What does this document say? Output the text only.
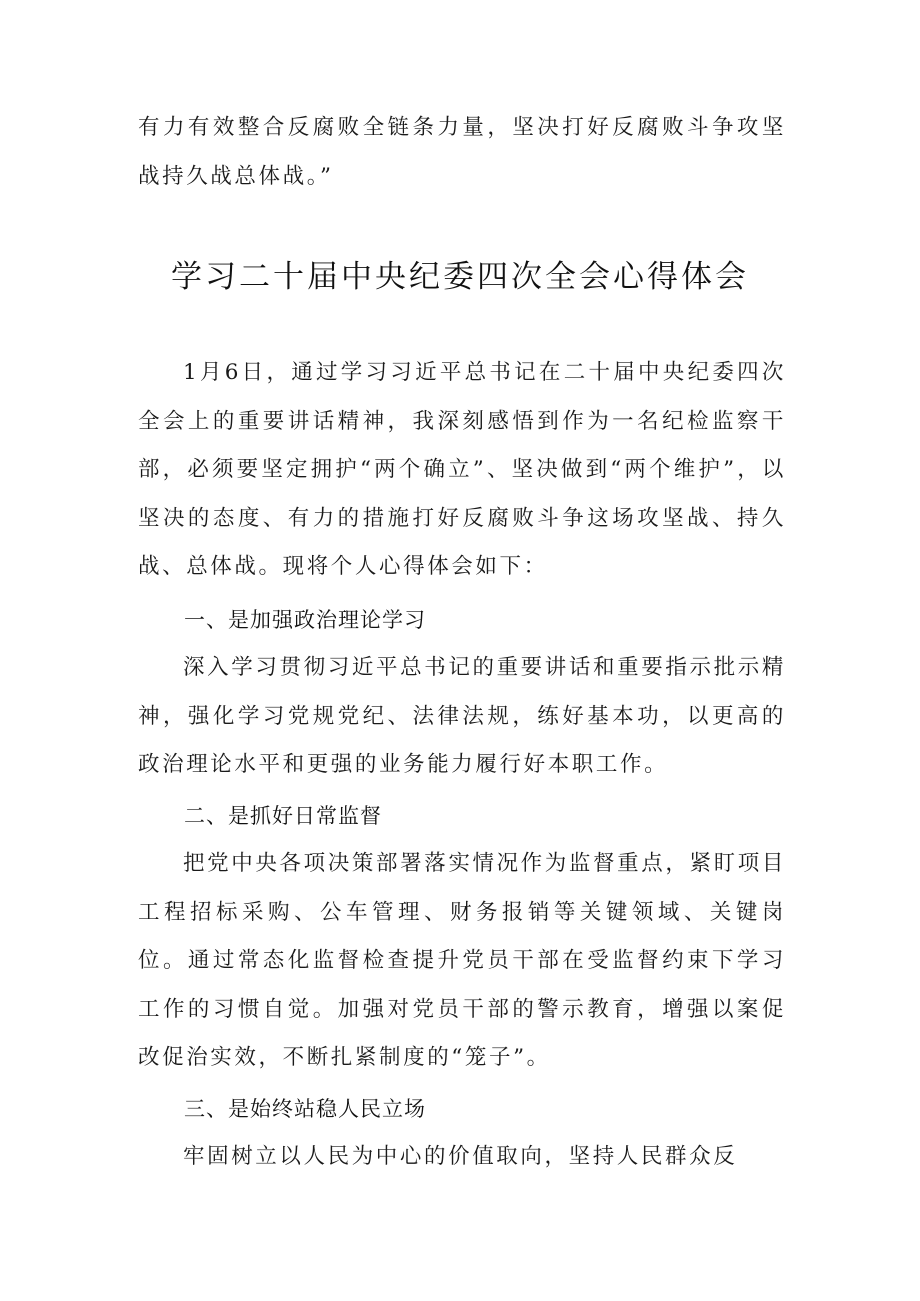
有力有效整合反腐败全链条力量，坚决打好反腐败斗争攻坚战持久战总体战。”

学习二十届中央纪委四次全会心得体会

1月6日，通过学习习近平总书记在二十届中央纪委四次全会上的重要讲话精神，我深刻感悟到作为一名纪检监察干部，必须要坚定拥护“两个确立”、坚决做到“两个维护”，以坚决的态度、有力的措施打好反腐败斗争这场攻坚战、持久战、总体战。现将个人心得体会如下：

一、是加强政治理论学习

深入学习贯彻习近平总书记的重要讲话和重要指示批示精神，强化学习党规党纪、法律法规，练好基本功，以更高的政治理论水平和更强的业务能力履行好本职工作。

二、是抓好日常监督

把党中央各项决策部署落实情况作为监督重点，紧盯项目工程招标采购、公车管理、财务报销等关键领域、关键岗位。通过常态化监督检查提升党员干部在受监督约束下学习工作的习惯自觉。加强对党员干部的警示教育，增强以案促改促治实效，不断扎紧制度的“笼子”。

三、是始终站稳人民立场

牢固树立以人民为中心的价值取向，坚持人民群众反
